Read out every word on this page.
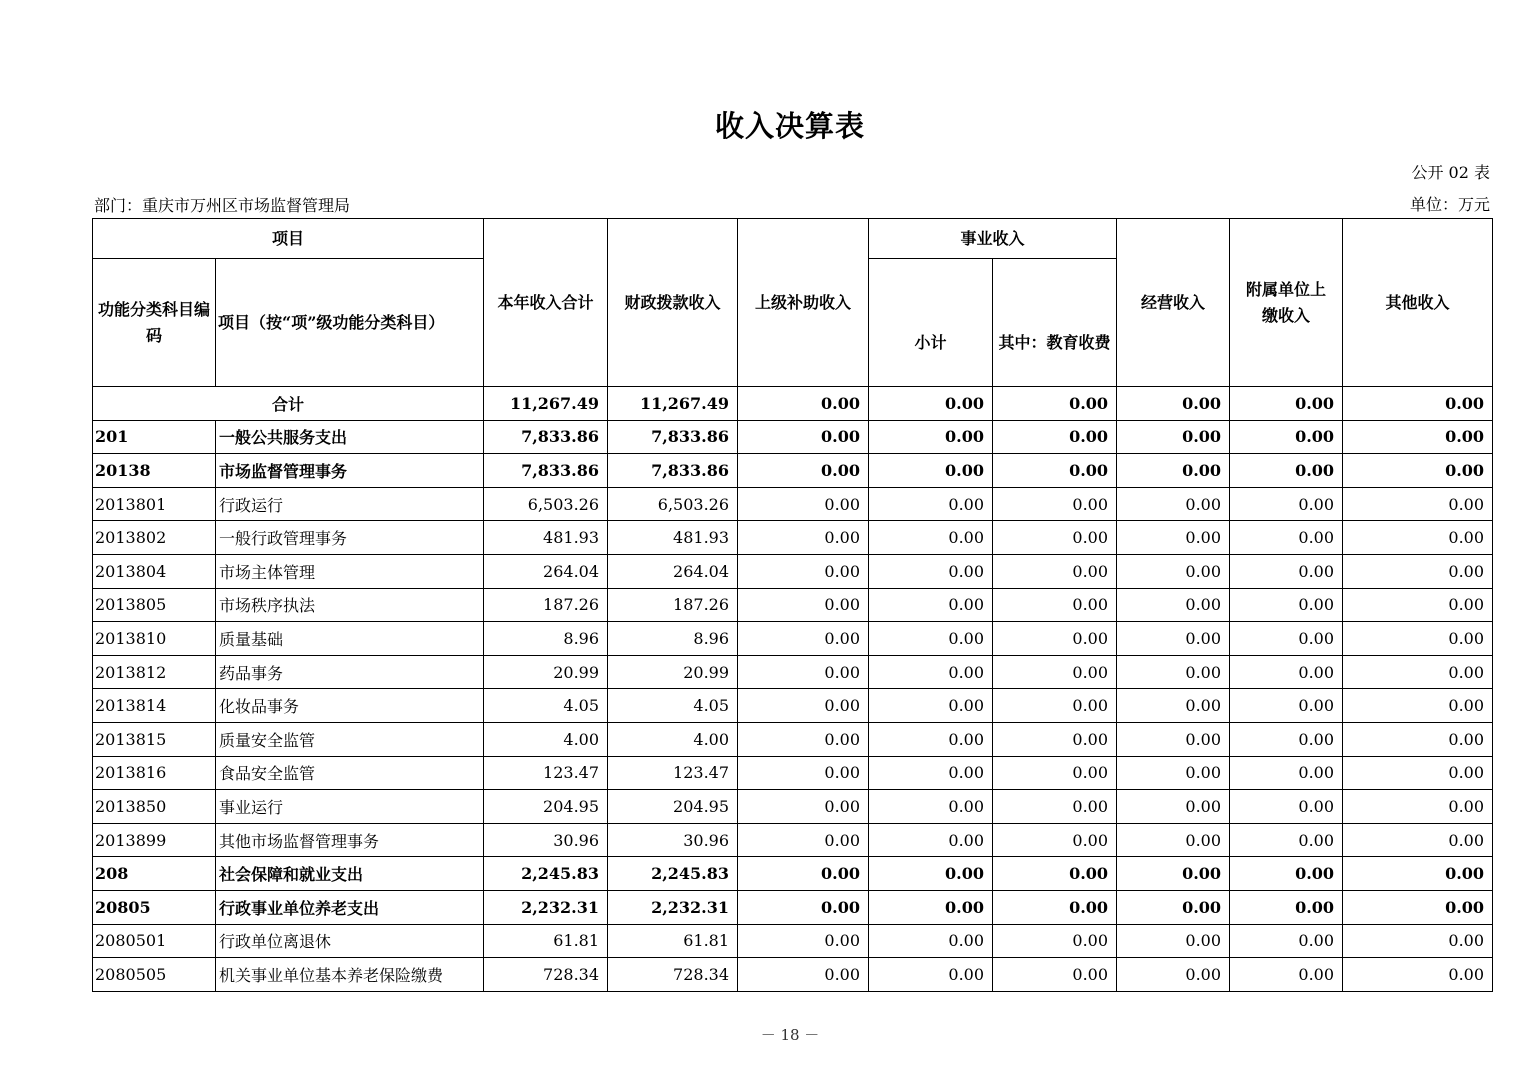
收入决算表
公开 02 表
部门：重庆市万州区市场监督管理局	单位：万元
项目		本年收入合计	财政拨款收入	上级补助收入	事业收入		经营收入	附属单位上缴收入	其他收入
功能分类科目编码	项目（按“项”级功能分类科目）				小计	其中：教育收费			
合计		11,267.49	11,267.49	0.00	0.00	0.00	0.00	0.00	0.00
201	一般公共服务支出	7,833.86	7,833.86	0.00	0.00	0.00	0.00	0.00	0.00
20138	市场监督管理事务	7,833.86	7,833.86	0.00	0.00	0.00	0.00	0.00	0.00
2013801	行政运行	6,503.26	6,503.26	0.00	0.00	0.00	0.00	0.00	0.00
2013802	一般行政管理事务	481.93	481.93	0.00	0.00	0.00	0.00	0.00	0.00
2013804	市场主体管理	264.04	264.04	0.00	0.00	0.00	0.00	0.00	0.00
2013805	市场秩序执法	187.26	187.26	0.00	0.00	0.00	0.00	0.00	0.00
2013810	质量基础	8.96	8.96	0.00	0.00	0.00	0.00	0.00	0.00
2013812	药品事务	20.99	20.99	0.00	0.00	0.00	0.00	0.00	0.00
2013814	化妆品事务	4.05	4.05	0.00	0.00	0.00	0.00	0.00	0.00
2013815	质量安全监管	4.00	4.00	0.00	0.00	0.00	0.00	0.00	0.00
2013816	食品安全监管	123.47	123.47	0.00	0.00	0.00	0.00	0.00	0.00
2013850	事业运行	204.95	204.95	0.00	0.00	0.00	0.00	0.00	0.00
2013899	其他市场监督管理事务	30.96	30.96	0.00	0.00	0.00	0.00	0.00	0.00
208	社会保障和就业支出	2,245.83	2,245.83	0.00	0.00	0.00	0.00	0.00	0.00
20805	行政事业单位养老支出	2,232.31	2,232.31	0.00	0.00	0.00	0.00	0.00	0.00
2080501	行政单位离退休	61.81	61.81	0.00	0.00	0.00	0.00	0.00	0.00
2080505	机关事业单位基本养老保险缴费	728.34	728.34	0.00	0.00	0.00	0.00	0.00	0.00
－ 18 －
